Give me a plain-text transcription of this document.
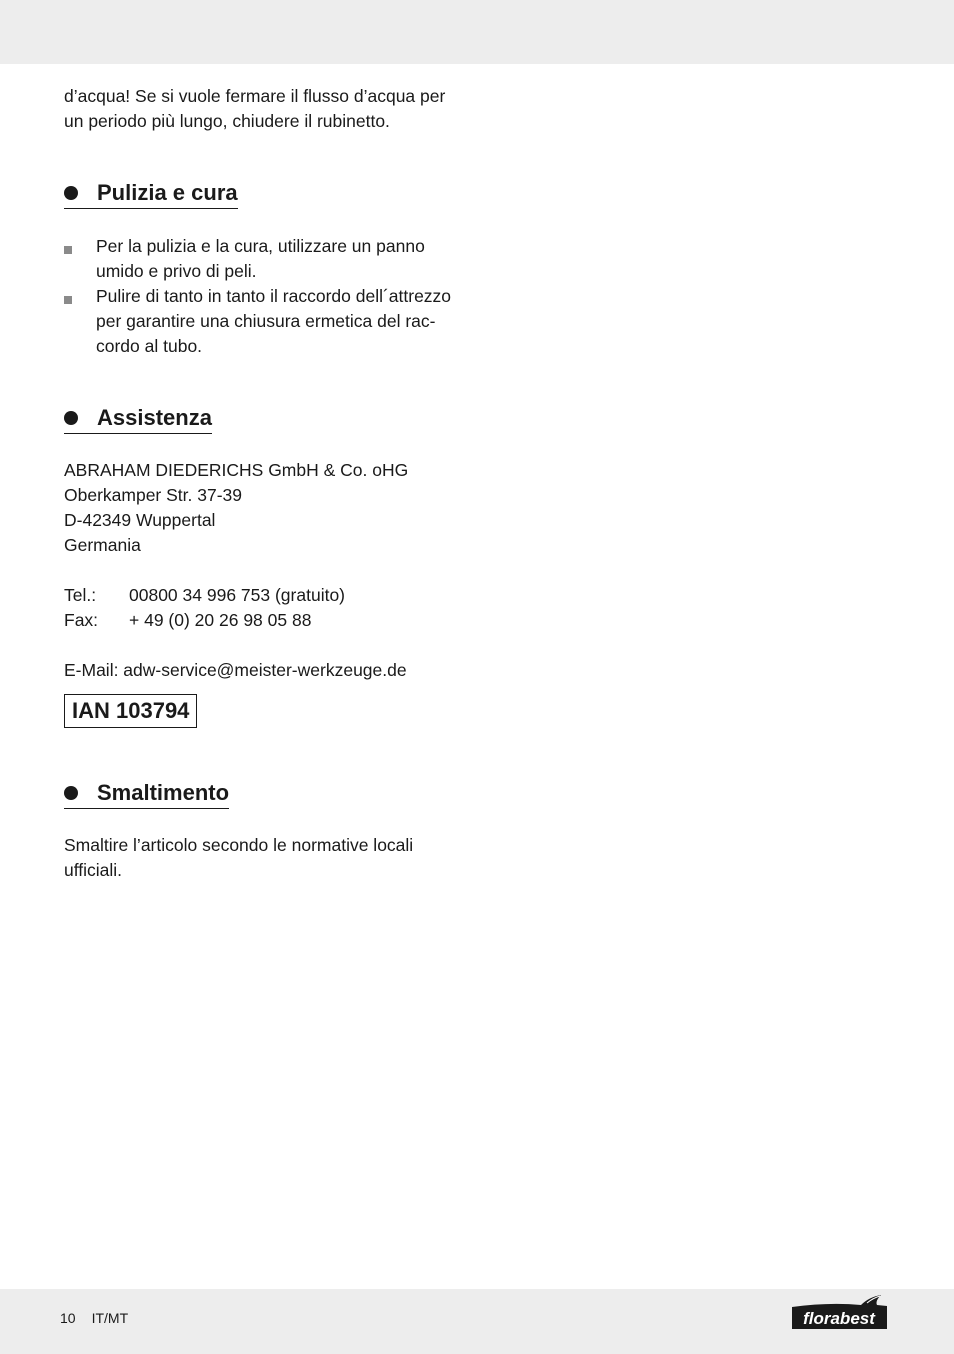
d’acqua! Se si vuole fermare il flusso d’acqua per

un periodo più lungo, chiudere il rubinetto.

Pulizia e cura
Per la pulizia e la cura, utilizzare un panno
umido e privo di peli.
Pulire di tanto in tanto il raccordo dell´attrezzo
per garantire una chiusura ermetica del rac-
cordo al tubo.
Assistenza

ABRAHAM DIEDERICHS GmbH & Co. oHG

Oberkamper Str. 37-39

D-42349 Wuppertal

Germania

Tel.:	00800 34 996 753 (gratuito)
Fax:	+ 49 (0) 20 26 98 05 88

E-Mail: adw-service@meister-werkzeuge.de

IAN 103794
Smaltimento

Smaltire l’articolo secondo le normative locali

ufficiali.

10 IT/MT	florabest
